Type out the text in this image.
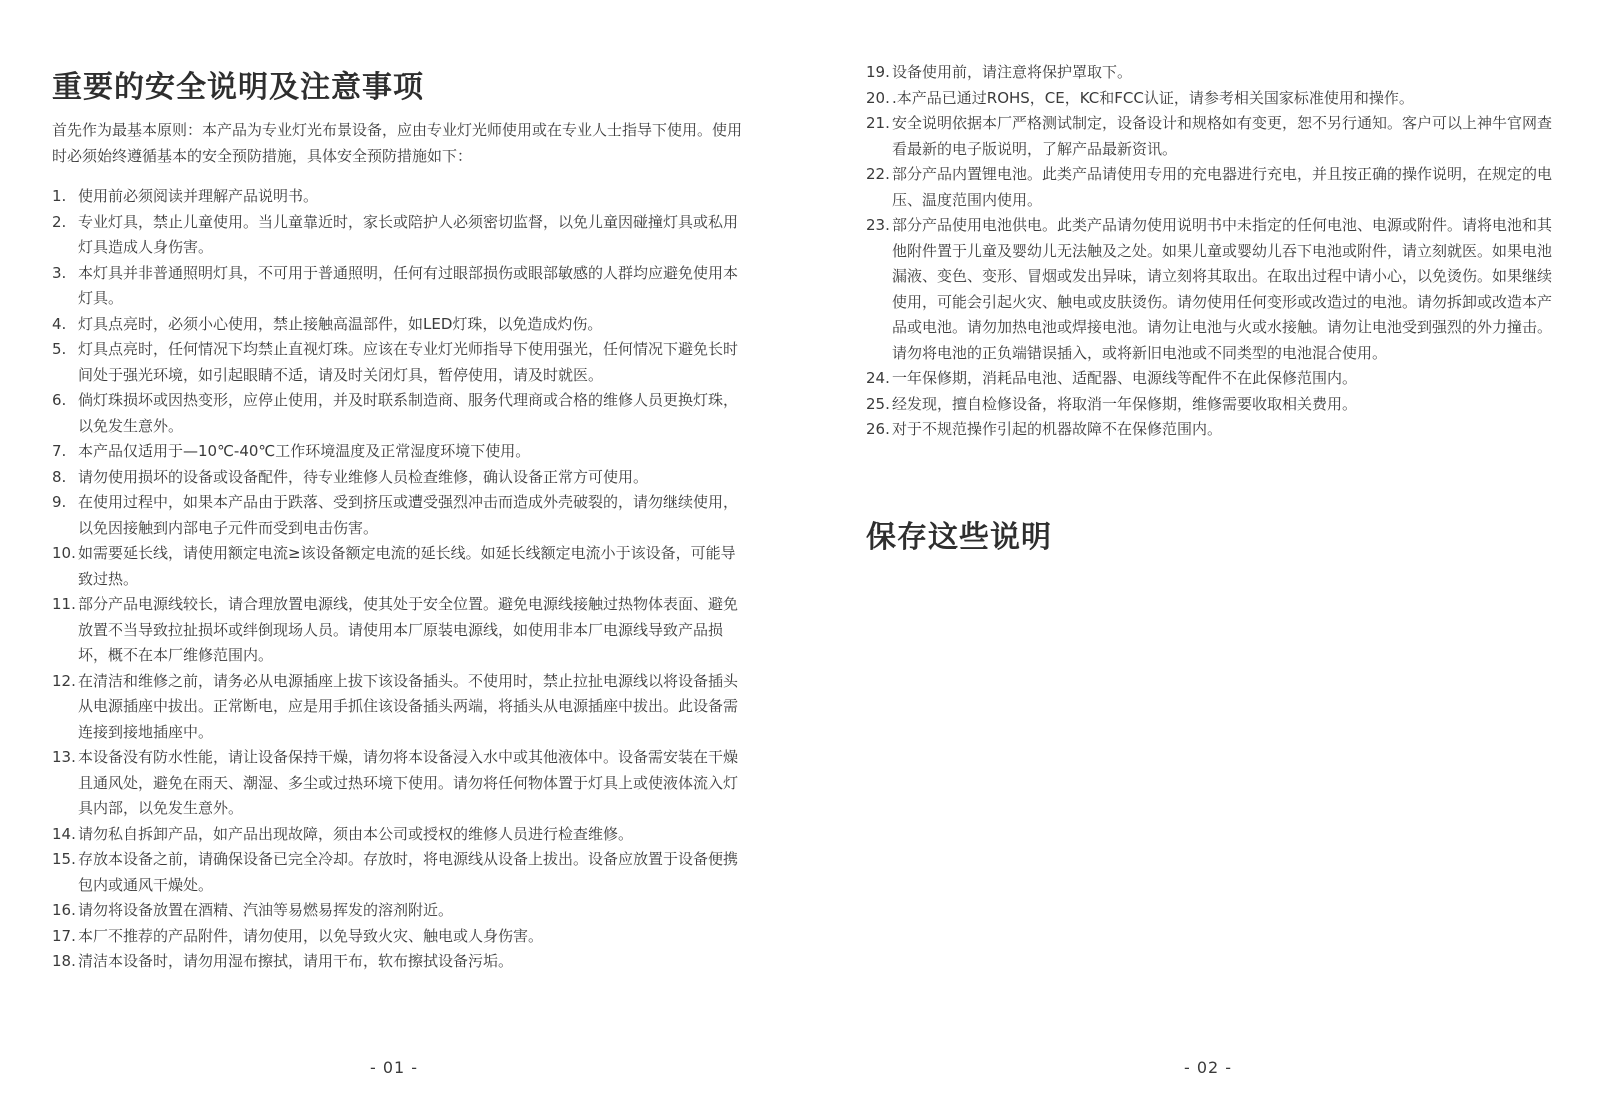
重要的安全说明及注意事项

首先作为最基本原则：本产品为专业灯光布景设备，应由专业灯光师使用或在专业人士指导下使用。使用时必须始终遵循基本的安全预防措施，具体安全预防措施如下：

1. 使用前必须阅读并理解产品说明书。
2. 专业灯具，禁止儿童使用。当儿童靠近时，家长或陪护人必须密切监督，以免儿童因碰撞灯具或私用灯具造成人身伤害。
3. 本灯具并非普通照明灯具，不可用于普通照明，任何有过眼部损伤或眼部敏感的人群均应避免使用本灯具。
4. 灯具点亮时，必须小心使用，禁止接触高温部件，如LED灯珠，以免造成灼伤。
5. 灯具点亮时，任何情况下均禁止直视灯珠。应该在专业灯光师指导下使用强光，任何情况下避免长时间处于强光环境，如引起眼睛不适，请及时关闭灯具，暂停使用，请及时就医。
6. 倘灯珠损坏或因热变形，应停止使用，并及时联系制造商、服务代理商或合格的维修人员更换灯珠，以免发生意外。
7. 本产品仅适用于—10℃-40℃工作环境温度及正常湿度环境下使用。
8. 请勿使用损坏的设备或设备配件，待专业维修人员检查维修，确认设备正常方可使用。
9. 在使用过程中，如果本产品由于跌落、受到挤压或遭受强烈冲击而造成外壳破裂的，请勿继续使用，以免因接触到内部电子元件而受到电击伤害。
10. 如需要延长线，请使用额定电流≥该设备额定电流的延长线。如延长线额定电流小于该设备，可能导致过热。
11. 部分产品电源线较长，请合理放置电源线，使其处于安全位置。避免电源线接触过热物体表面、避免放置不当导致拉扯损坏或绊倒现场人员。请使用本厂原装电源线，如使用非本厂电源线导致产品损坏，概不在本厂维修范围内。
12. 在清洁和维修之前，请务必从电源插座上拔下该设备插头。不使用时，禁止拉扯电源线以将设备插头从电源插座中拔出。正常断电，应是用手抓住该设备插头两端，将插头从电源插座中拔出。此设备需连接到接地插座中。
13. 本设备没有防水性能，请让设备保持干燥，请勿将本设备浸入水中或其他液体中。设备需安装在干燥且通风处，避免在雨天、潮湿、多尘或过热环境下使用。请勿将任何物体置于灯具上或使液体流入灯具内部，以免发生意外。
14. 请勿私自拆卸产品，如产品出现故障，须由本公司或授权的维修人员进行检查维修。
15. 存放本设备之前，请确保设备已完全冷却。存放时，将电源线从设备上拔出。设备应放置于设备便携包内或通风干燥处。
16. 请勿将设备放置在酒精、汽油等易燃易挥发的溶剂附近。
17. 本厂不推荐的产品附件，请勿使用，以免导致火灾、触电或人身伤害。
18. 清洁本设备时，请勿用湿布擦拭，请用干布，软布擦拭设备污垢。
- 01 -
19. 设备使用前，请注意将保护罩取下。
20. .本产品已通过ROHS，CE，KC和FCC认证，请参考相关国家标准使用和操作。
21. 安全说明依据本厂严格测试制定，设备设计和规格如有变更，恕不另行通知。客户可以上神牛官网查看最新的电子版说明，了解产品最新资讯。
22. 部分产品内置锂电池。此类产品请使用专用的充电器进行充电，并且按正确的操作说明，在规定的电压、温度范围内使用。
23. 部分产品使用电池供电。此类产品请勿使用说明书中未指定的任何电池、电源或附件。请将电池和其他附件置于儿童及婴幼儿无法触及之处。如果儿童或婴幼儿吞下电池或附件，请立刻就医。如果电池漏液、变色、变形、冒烟或发出异味，请立刻将其取出。在取出过程中请小心，以免烫伤。如果继续使用，可能会引起火灾、触电或皮肤烫伤。请勿使用任何变形或改造过的电池。请勿拆卸或改造本产品或电池。请勿加热电池或焊接电池。请勿让电池与火或水接触。请勿让电池受到强烈的外力撞击。请勿将电池的正负端错误插入，或将新旧电池或不同类型的电池混合使用。
24. 一年保修期，消耗品电池、适配器、电源线等配件不在此保修范围内。
25. 经发现，擅自检修设备，将取消一年保修期，维修需要收取相关费用。
26. 对于不规范操作引起的机器故障不在保修范围内。
保存这些说明
- 02 -
